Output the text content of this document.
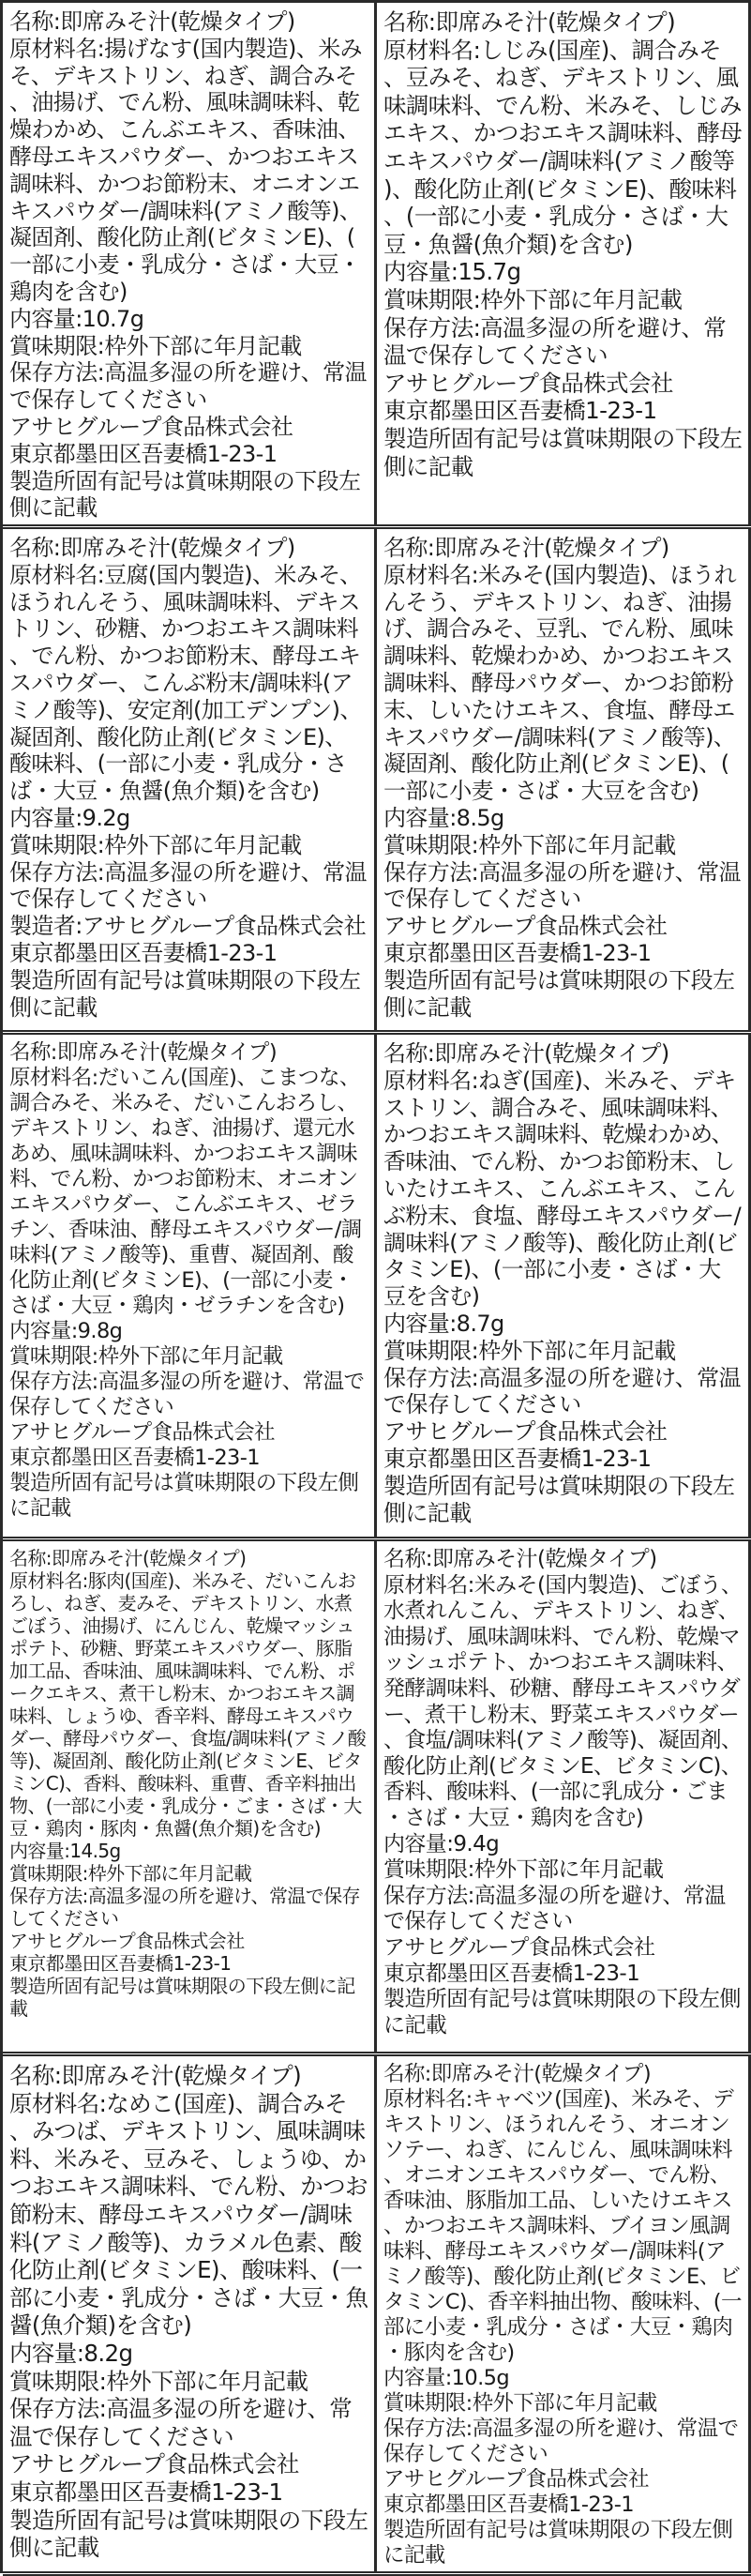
名称:即席みそ汁(乾燥タイプ)
原材料名:揚げなす(国内製造)、米みそ、デキストリン、ねぎ、調合みそ、油揚げ、でん粉、風味調味料、乾燥わかめ、こんぶエキス、香味油、酵母エキスパウダー、かつおエキス調味料、かつお節粉末、オニオンエキスパウダー/調味料(アミノ酸等)、凝固剤、酸化防止剤(ビタミンE)、(一部に小麦・乳成分・さば・大豆・鶏肉を含む)
内容量:10.7g
賞味期限:枠外下部に年月記載
保存方法:高温多湿の所を避け、常温で保存してください
アサヒグループ食品株式会社
東京都墨田区吾妻橋1-23-1
製造所固有記号は賞味期限の下段左側に記載
名称:即席みそ汁(乾燥タイプ)
原材料名:しじみ(国産)、調合みそ、豆みそ、ねぎ、デキストリン、風味調味料、でん粉、米みそ、しじみエキス、かつおエキス調味料、酵母エキスパウダー/調味料(アミノ酸等)、酸化防止剤(ビタミンE)、酸味料、(一部に小麦・乳成分・さば・大豆・魚醤(魚介類)を含む)
内容量:15.7g
賞味期限:枠外下部に年月記載
保存方法:高温多湿の所を避け、常温で保存してください
アサヒグループ食品株式会社
東京都墨田区吾妻橋1-23-1
製造所固有記号は賞味期限の下段左側に記載
名称:即席みそ汁(乾燥タイプ)
原材料名:豆腐(国内製造)、米みそ、ほうれんそう、風味調味料、デキストリン、砂糖、かつおエキス調味料、でん粉、かつお節粉末、酵母エキスパウダー、こんぶ粉末/調味料(アミノ酸等)、安定剤(加工デンプン)、凝固剤、酸化防止剤(ビタミンE)、酸味料、(一部に小麦・乳成分・さば・大豆・魚醤(魚介類)を含む)
内容量:9.2g
賞味期限:枠外下部に年月記載
保存方法:高温多湿の所を避け、常温で保存してください
製造者:アサヒグループ食品株式会社
東京都墨田区吾妻橋1-23-1
製造所固有記号は賞味期限の下段左側に記載
名称:即席みそ汁(乾燥タイプ)
原材料名:米みそ(国内製造)、ほうれんそう、デキストリン、ねぎ、油揚げ、調合みそ、豆乳、でん粉、風味調味料、乾燥わかめ、かつおエキス調味料、酵母パウダー、かつお節粉末、しいたけエキス、食塩、酵母エキスパウダー/調味料(アミノ酸等)、凝固剤、酸化防止剤(ビタミンE)、(一部に小麦・さば・大豆を含む)
内容量:8.5g
賞味期限:枠外下部に年月記載
保存方法:高温多湿の所を避け、常温で保存してください
アサヒグループ食品株式会社
東京都墨田区吾妻橋1-23-1
製造所固有記号は賞味期限の下段左側に記載
名称:即席みそ汁(乾燥タイプ)
原材料名:だいこん(国産)、こまつな、調合みそ、米みそ、だいこんおろし、デキストリン、ねぎ、油揚げ、還元水あめ、風味調味料、かつおエキス調味料、でん粉、かつお節粉末、オニオンエキスパウダー、こんぶエキス、ゼラチン、香味油、酵母エキスパウダー/調味料(アミノ酸等)、重曹、凝固剤、酸化防止剤(ビタミンE)、(一部に小麦・さば・大豆・鶏肉・ゼラチンを含む)
内容量:9.8g
賞味期限:枠外下部に年月記載
保存方法:高温多湿の所を避け、常温で保存してください
アサヒグループ食品株式会社
東京都墨田区吾妻橋1-23-1
製造所固有記号は賞味期限の下段左側に記載
名称:即席みそ汁(乾燥タイプ)
原材料名:ねぎ(国産)、米みそ、デキストリン、調合みそ、風味調味料、かつおエキス調味料、乾燥わかめ、香味油、でん粉、かつお節粉末、しいたけエキス、こんぶエキス、こんぶ粉末、食塩、酵母エキスパウダー/調味料(アミノ酸等)、酸化防止剤(ビタミンE)、(一部に小麦・さば・大豆を含む)
内容量:8.7g
賞味期限:枠外下部に年月記載
保存方法:高温多湿の所を避け、常温で保存してください
アサヒグループ食品株式会社
東京都墨田区吾妻橋1-23-1
製造所固有記号は賞味期限の下段左側に記載
名称:即席みそ汁(乾燥タイプ)
原材料名:豚肉(国産)、米みそ、だいこんおろし、ねぎ、麦みそ、デキストリン、水煮ごぼう、油揚げ、にんじん、乾燥マッシュポテト、砂糖、野菜エキスパウダー、豚脂加工品、香味油、風味調味料、でん粉、ポークエキス、煮干し粉末、かつおエキス調味料、しょうゆ、香辛料、酵母エキスパウダー、酵母パウダー、食塩/調味料(アミノ酸等)、凝固剤、酸化防止剤(ビタミンE、ビタミンC)、香料、酸味料、重曹、香辛料抽出物、(一部に小麦・乳成分・ごま・さば・大豆・鶏肉・豚肉・魚醤(魚介類)を含む)
内容量:14.5g
賞味期限:枠外下部に年月記載
保存方法:高温多湿の所を避け、常温で保存してください
アサヒグループ食品株式会社
東京都墨田区吾妻橋1-23-1
製造所固有記号は賞味期限の下段左側に記載
名称:即席みそ汁(乾燥タイプ)
原材料名:米みそ(国内製造)、ごぼう、水煮れんこん、デキストリン、ねぎ、油揚げ、風味調味料、でん粉、乾燥マッシュポテト、かつおエキス調味料、発酵調味料、砂糖、酵母エキスパウダー、煮干し粉末、野菜エキスパウダー、食塩/調味料(アミノ酸等)、凝固剤、酸化防止剤(ビタミンE、ビタミンC)、香料、酸味料、(一部に乳成分・ごま・さば・大豆・鶏肉を含む)
内容量:9.4g
賞味期限:枠外下部に年月記載
保存方法:高温多湿の所を避け、常温で保存してください
アサヒグループ食品株式会社
東京都墨田区吾妻橋1-23-1
製造所固有記号は賞味期限の下段左側に記載
名称:即席みそ汁(乾燥タイプ)
原材料名:なめこ(国産)、調合みそ、みつば、デキストリン、風味調味料、米みそ、豆みそ、しょうゆ、かつおエキス調味料、でん粉、かつお節粉末、酵母エキスパウダー/調味料(アミノ酸等)、カラメル色素、酸化防止剤(ビタミンE)、酸味料、(一部に小麦・乳成分・さば・大豆・魚醤(魚介類)を含む)
内容量:8.2g
賞味期限:枠外下部に年月記載
保存方法:高温多湿の所を避け、常温で保存してください
アサヒグループ食品株式会社
東京都墨田区吾妻橋1-23-1
製造所固有記号は賞味期限の下段左側に記載
名称:即席みそ汁(乾燥タイプ)
原材料名:キャベツ(国産)、米みそ、デキストリン、ほうれんそう、オニオンソテー、ねぎ、にんじん、風味調味料、オニオンエキスパウダー、でん粉、香味油、豚脂加工品、しいたけエキス、かつおエキス調味料、ブイヨン風調味料、酵母エキスパウダー/調味料(アミノ酸等)、酸化防止剤(ビタミンE、ビタミンC)、香辛料抽出物、酸味料、(一部に小麦・乳成分・さば・大豆・鶏肉・豚肉を含む)
内容量:10.5g
賞味期限:枠外下部に年月記載
保存方法:高温多湿の所を避け、常温で保存してください
アサヒグループ食品株式会社
東京都墨田区吾妻橋1-23-1
製造所固有記号は賞味期限の下段左側に記載
